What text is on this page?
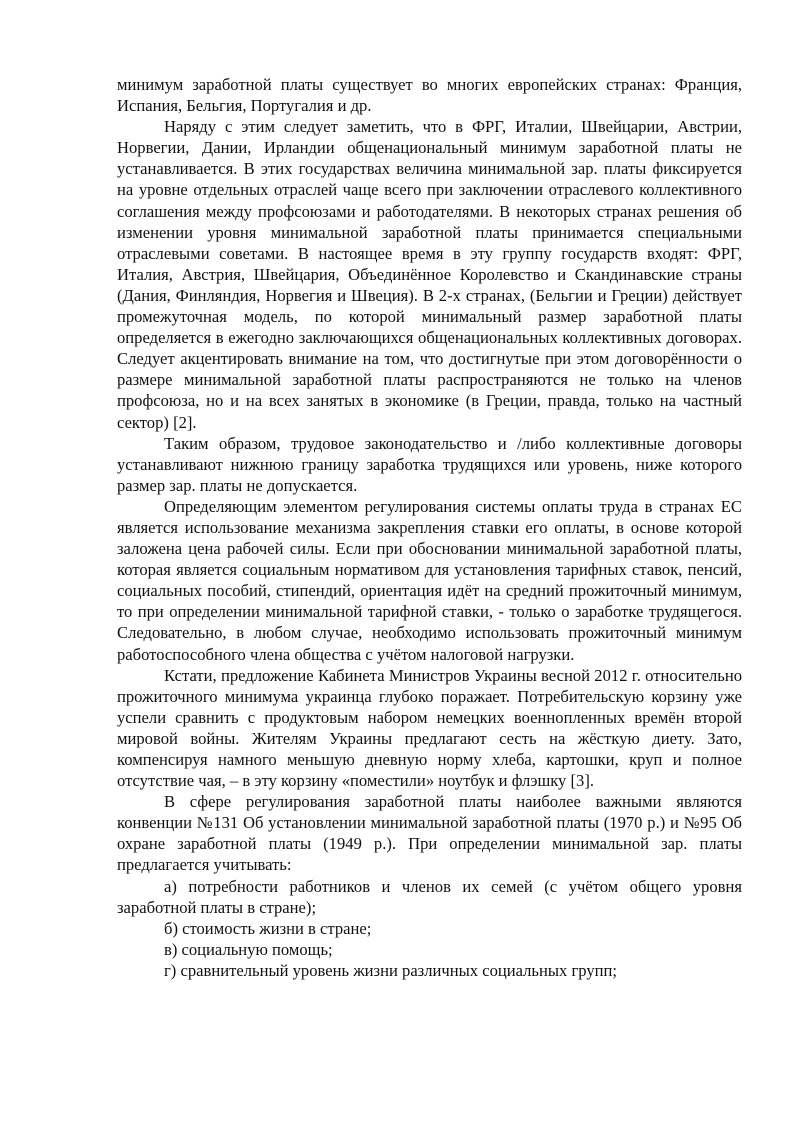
минимум заработной платы существует во многих европейских странах: Франция, Испания, Бельгия, Португалия и др.

Наряду с этим следует заметить, что в ФРГ, Италии, Швейцарии, Австрии, Норвегии, Дании, Ирландии общенациональный минимум заработной платы не устанавливается. В этих государствах величина минимальной зар. платы фиксируется на уровне отдельных отраслей чаще всего при заключении отраслевого коллективного соглашения между профсоюзами и работодателями. В некоторых странах решения об изменении уровня минимальной заработной платы принимается специальными отраслевыми советами. В настоящее время в эту группу государств входят: ФРГ, Италия, Австрия, Швейцария, Объединённое Королевство и Скандинавские страны (Дания, Финляндия, Норвегия и Швеция). В 2-х странах, (Бельгии и Греции) действует промежуточная модель, по которой минимальный размер заработной платы определяется в ежегодно заключающихся общенациональных коллективных договорах. Следует акцентировать внимание на том, что достигнутые при этом договорённости о размере минимальной заработной платы распространяются не только на членов профсоюза, но и на всех занятых в экономике (в Греции, правда, только на частный сектор) [2].

Таким образом, трудовое законодательство и /либо коллективные договоры устанавливают нижнюю границу заработка трудящихся или уровень, ниже которого размер зар. платы не допускается.

Определяющим элементом регулирования системы оплаты труда в странах ЕС является использование механизма закрепления ставки его оплаты, в основе которой заложена цена рабочей силы. Если при обосновании минимальной заработной платы, которая является социальным нормативом для установления тарифных ставок, пенсий, социальных пособий, стипендий, ориентация идёт на средний прожиточный минимум, то при определении минимальной тарифной ставки, - только о заработке трудящегося. Следовательно, в любом случае, необходимо использовать прожиточный минимум работоспособного члена общества с учётом налоговой нагрузки.

Кстати, предложение Кабинета Министров Украины весной 2012 г. относительно прожиточного минимума украинца глубоко поражает. Потребительскую корзину уже успели сравнить с продуктовым набором немецких военнопленных времён второй мировой войны. Жителям Украины предлагают сесть на жёсткую диету. Зато, компенсируя намного меньшую дневную норму хлеба, картошки, круп и полное отсутствие чая, – в эту корзину «поместили» ноутбук и флэшку [3].

В сфере регулирования заработной платы наиболее важными являются конвенции №131 Об установлении минимальной заработной платы (1970 р.) и №95 Об охране заработной платы (1949 р.). При определении минимальной зар. платы предлагается учитывать:

а) потребности работников и членов их семей (с учётом общего уровня заработной платы в стране);

б) стоимость жизни в стране;

в) социальную помощь;

г) сравнительный уровень жизни различных социальных групп;
